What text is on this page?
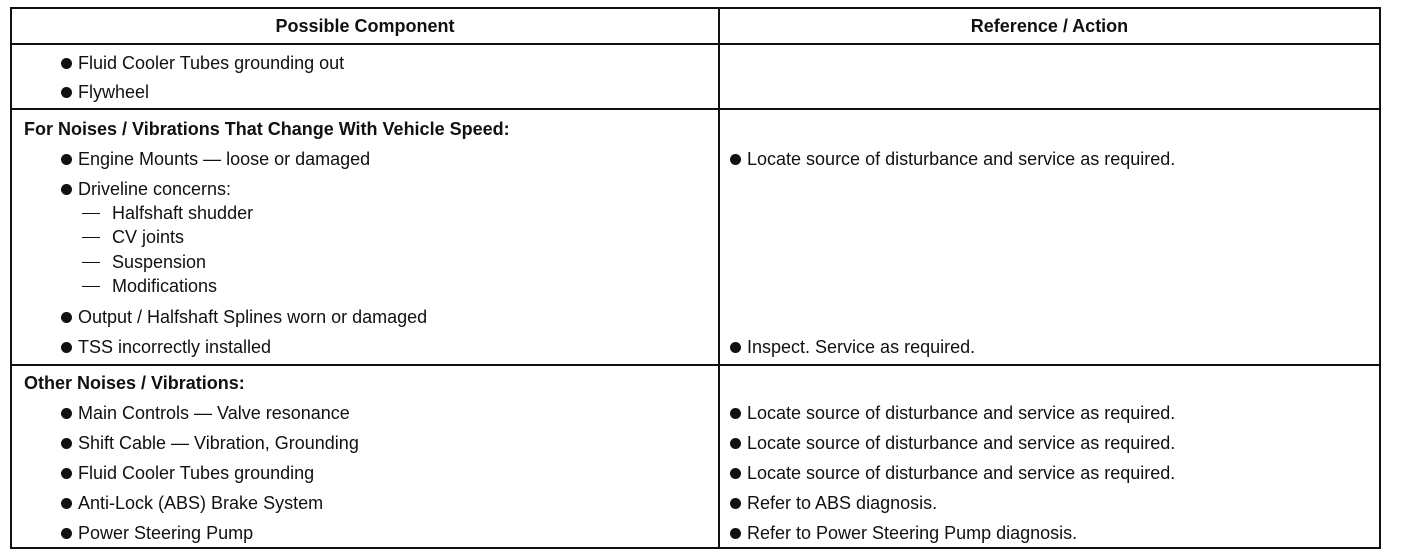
Possible Component	Reference / Action
Fluid Cooler Tubes grounding out
Flywheel
For Noises / Vibrations That Change With Vehicle Speed:
Engine Mounts — loose or damaged	Locate source of disturbance and service as required.
Driveline concerns:
Halfshaft shudder
CV joints
Suspension
Modifications
Output / Halfshaft Splines worn or damaged
TSS incorrectly installed	Inspect. Service as required.
Other Noises / Vibrations:
Main Controls — Valve resonance	Locate source of disturbance and service as required.
Shift Cable — Vibration, Grounding	Locate source of disturbance and service as required.
Fluid Cooler Tubes grounding	Locate source of disturbance and service as required.
Anti-Lock (ABS) Brake System	Refer to ABS diagnosis.
Power Steering Pump	Refer to Power Steering Pump diagnosis.
